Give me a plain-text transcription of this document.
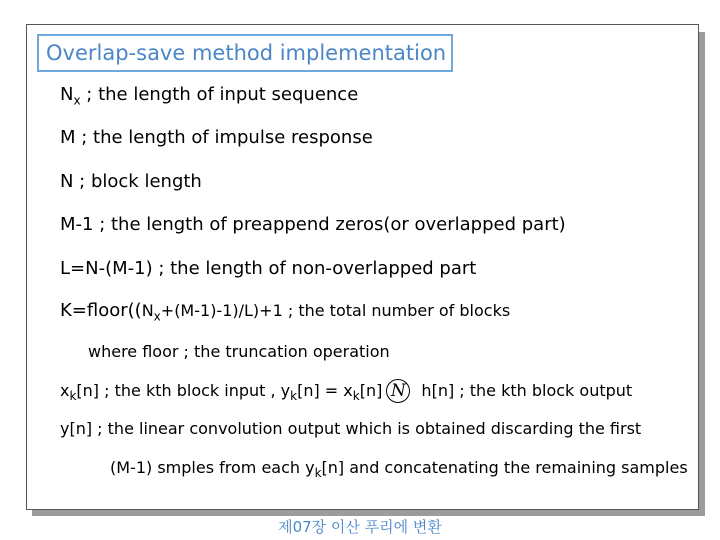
Overlap-save method implementation
$N_x$ ; the length of input sequence
M ; the length of impulse response
N ; block length
M-1 ; the length of preappend zeros(or overlapped part)
L=N-(M-1) ; the length of non-overlapped part
$K=floor((N_x+(M-1)-1)/L)+1$ ; the total number of blocks
where floor ; the truncation operation
$x_k[n]$ ; the kth block input , $y_k[n] = x_k[n]$ N h[n] ; the kth block output
y[n] ; the linear convolution output which is obtained discarding the first
(M-1) smples from each $y_k[n]$ and concatenating the remaining samples
제07장 이산 푸리에 변환
